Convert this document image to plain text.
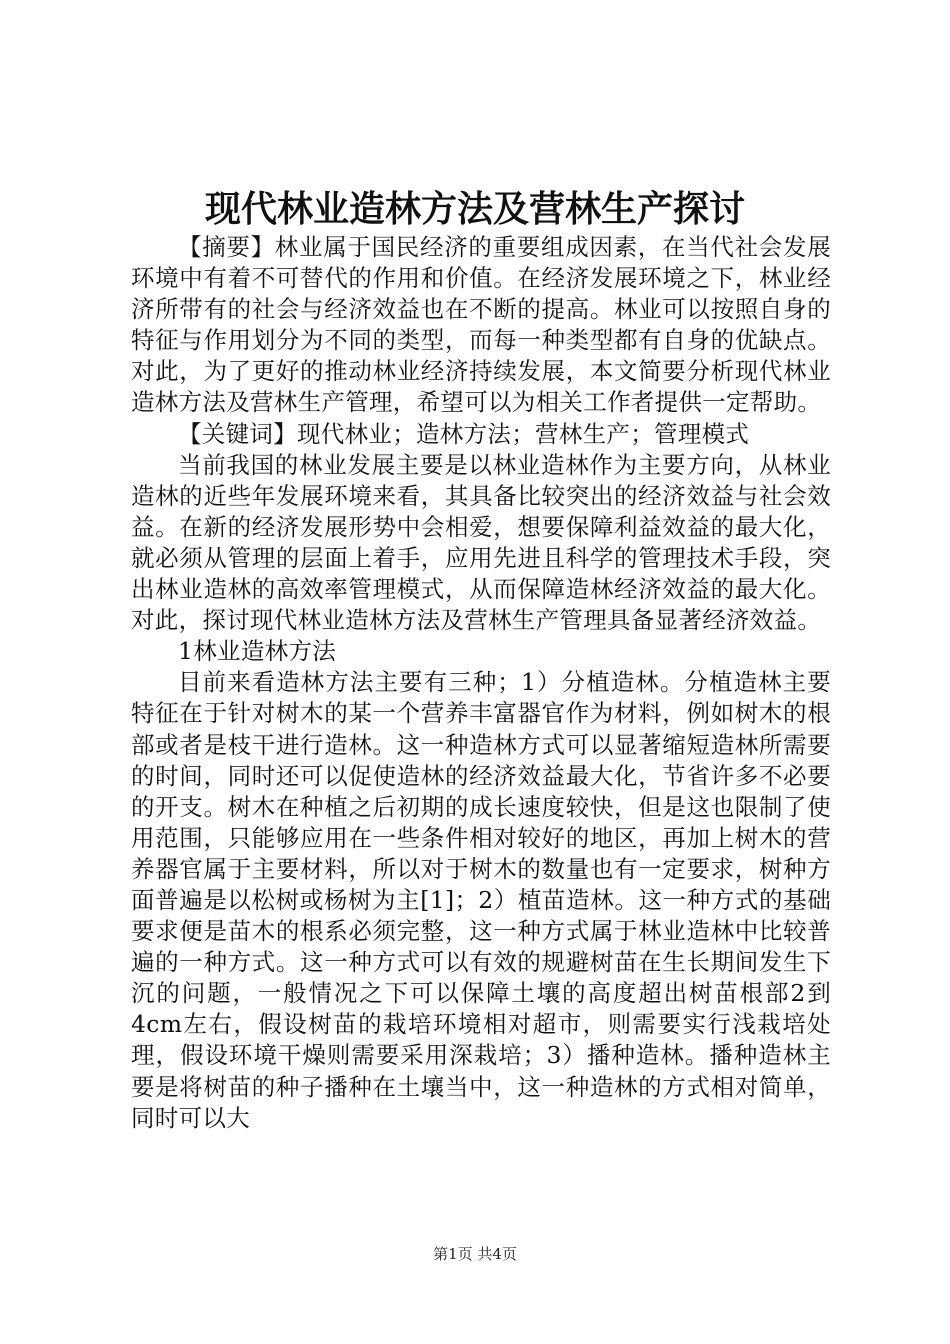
现代林业造林方法及营林生产探讨

【摘要】林业属于国民经济的重要组成因素，在当代社会发展环境中有着不可替代的作用和价值。在经济发展环境之下，林业经济所带有的社会与经济效益也在不断的提高。林业可以按照自身的特征与作用划分为不同的类型，而每一种类型都有自身的优缺点。对此，为了更好的推动林业经济持续发展，本文简要分析现代林业造林方法及营林生产管理，希望可以为相关工作者提供一定帮助。

【关键词】现代林业；造林方法；营林生产；管理模式

当前我国的林业发展主要是以林业造林作为主要方向，从林业造林的近些年发展环境来看，其具备比较突出的经济效益与社会效益。在新的经济发展形势中会相爱，想要保障利益效益的最大化，就必须从管理的层面上着手，应用先进且科学的管理技术手段，突出林业造林的高效率管理模式，从而保障造林经济效益的最大化。对此，探讨现代林业造林方法及营林生产管理具备显著经济效益。

1林业造林方法

目前来看造林方法主要有三种；1）分植造林。分植造林主要特征在于针对树木的某一个营养丰富器官作为材料，例如树木的根部或者是枝干进行造林。这一种造林方式可以显著缩短造林所需要的时间，同时还可以促使造林的经济效益最大化，节省许多不必要的开支。树木在种植之后初期的成长速度较快，但是这也限制了使用范围，只能够应用在一些条件相对较好的地区，再加上树木的营养器官属于主要材料，所以对于树木的数量也有一定要求，树种方面普遍是以松树或杨树为主[1]；2）植苗造林。这一种方式的基础要求便是苗木的根系必须完整，这一种方式属于林业造林中比较普遍的一种方式。这一种方式可以有效的规避树苗在生长期间发生下沉的问题，一般情况之下可以保障土壤的高度超出树苗根部2到4cm左右，假设树苗的栽培环境相对超市，则需要实行浅栽培处理，假设环境干燥则需要采用深栽培；3）播种造林。播种造林主要是将树苗的种子播种在土壤当中，这一种造林的方式相对简单，同时可以大

第1页 共4页
